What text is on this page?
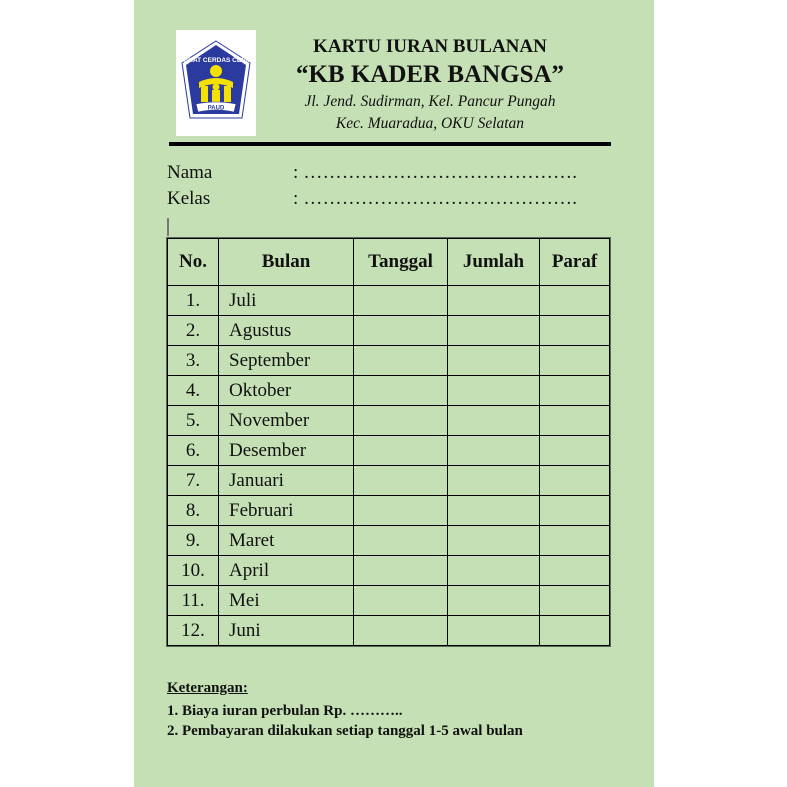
SEHAT CERDAS CERIA
PAUD
KARTU IURAN BULANAN
“KB KADER BANGSA”
Jl. Jend. Sudirman, Kel. Pancur Pungah
Kec. Muaradua, OKU Selatan
Nama	: …………………………………….
Kelas	: …………………………………….
No.	Bulan	Tanggal	Jumlah	Paraf
1.	Juli			
2.	Agustus			
3.	September			
4.	Oktober			
5.	November			
6.	Desember			
7.	Januari			
8.	Februari			
9.	Maret			
10.	April			
11.	Mei			
12.	Juni			
Keterangan:
1. Biaya iuran perbulan Rp. ………..
2. Pembayaran dilakukan setiap tanggal 1-5 awal bulan
